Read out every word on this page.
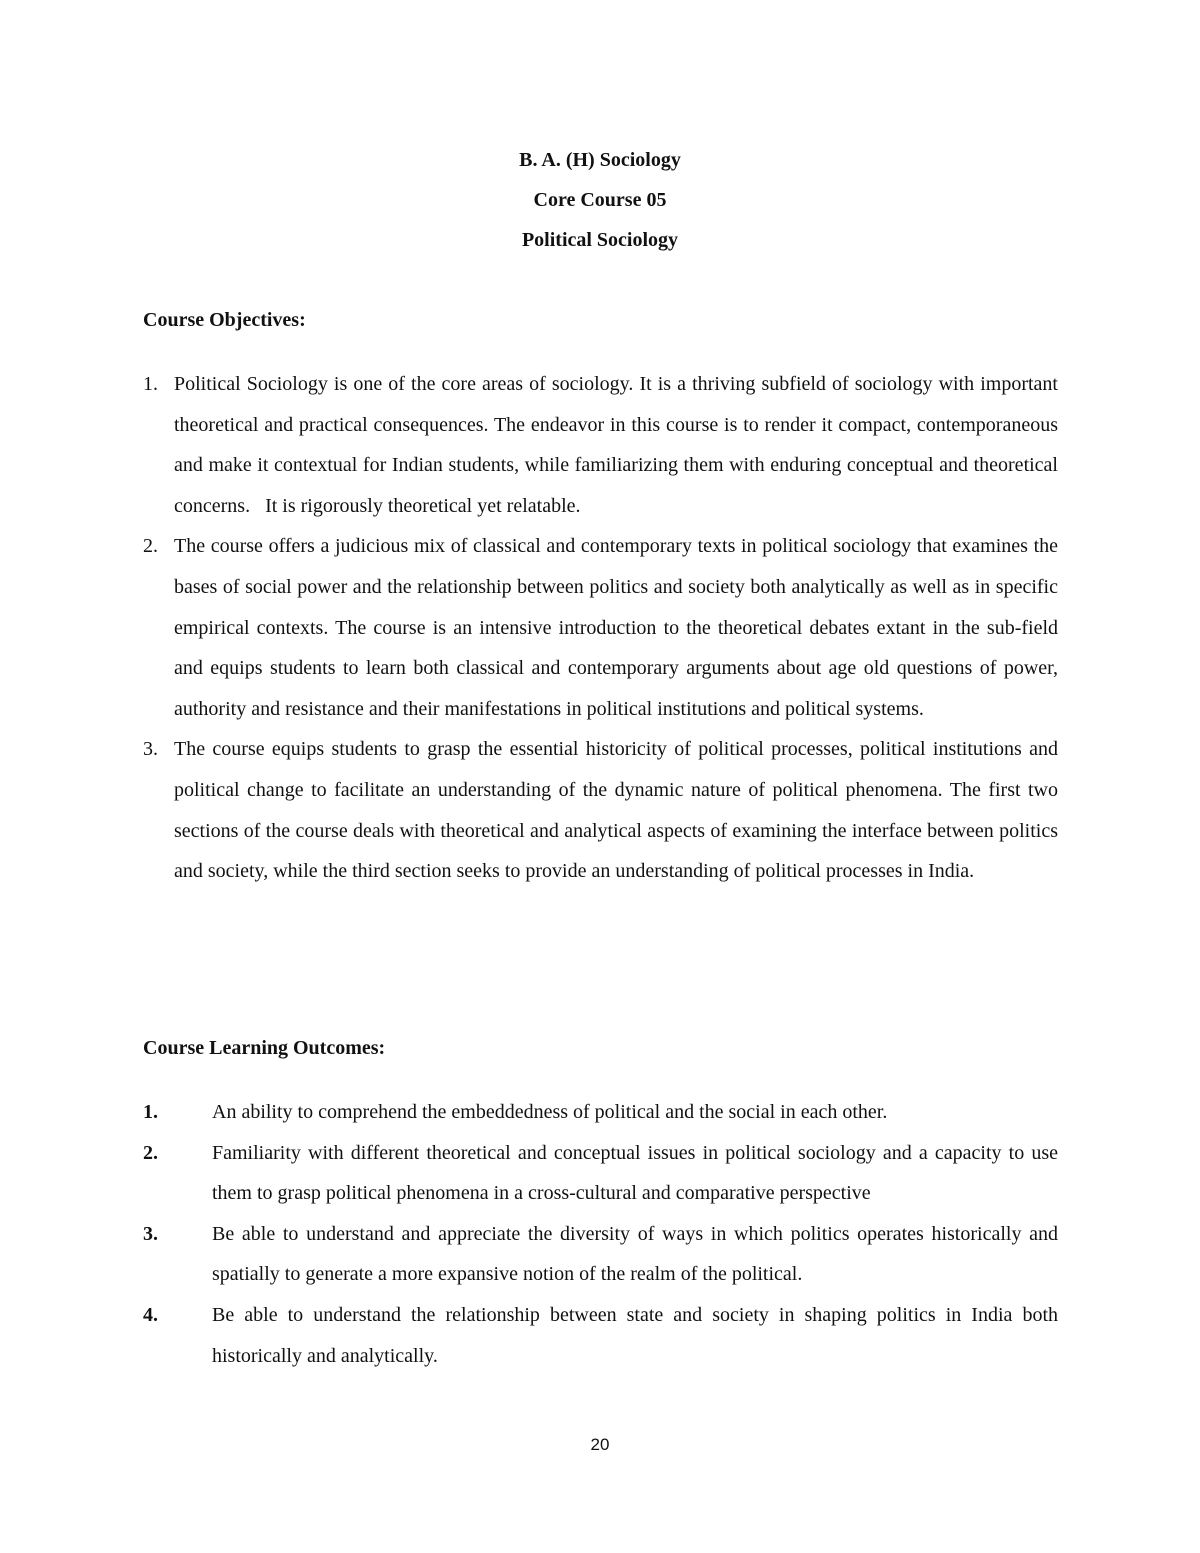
B. A. (H) Sociology
Core Course 05
Political Sociology
Course Objectives:
1. Political Sociology is one of the core areas of sociology. It is a thriving subfield of sociology with important theoretical and practical consequences. The endeavor in this course is to render it compact, contemporaneous and make it contextual for Indian students, while familiarizing them with enduring conceptual and theoretical concerns.   It is rigorously theoretical yet relatable.
2. The course offers a judicious mix of classical and contemporary texts in political sociology that examines the bases of social power and the relationship between politics and society both analytically as well as in specific empirical contexts. The course is an intensive introduction to the theoretical debates extant in the sub-field and equips students to learn both classical and contemporary arguments about age old questions of power, authority and resistance and their manifestations in political institutions and political systems.
3. The course equips students to grasp the essential historicity of political processes, political institutions and political change to facilitate an understanding of the dynamic nature of political phenomena. The first two sections of the course deals with theoretical and analytical aspects of examining the interface between politics and society, while the third section seeks to provide an understanding of political processes in India.
Course Learning Outcomes:
1.	An ability to comprehend the embeddedness of political and the social in each other.
2.	Familiarity with different theoretical and conceptual issues in political sociology and a capacity to use them to grasp political phenomena in a cross-cultural and comparative perspective
3.	Be able to understand and appreciate the diversity of ways in which politics operates historically and spatially to generate a more expansive notion of the realm of the political.
4.	Be able to understand the relationship between state and society in shaping politics in India both historically and analytically.
20
